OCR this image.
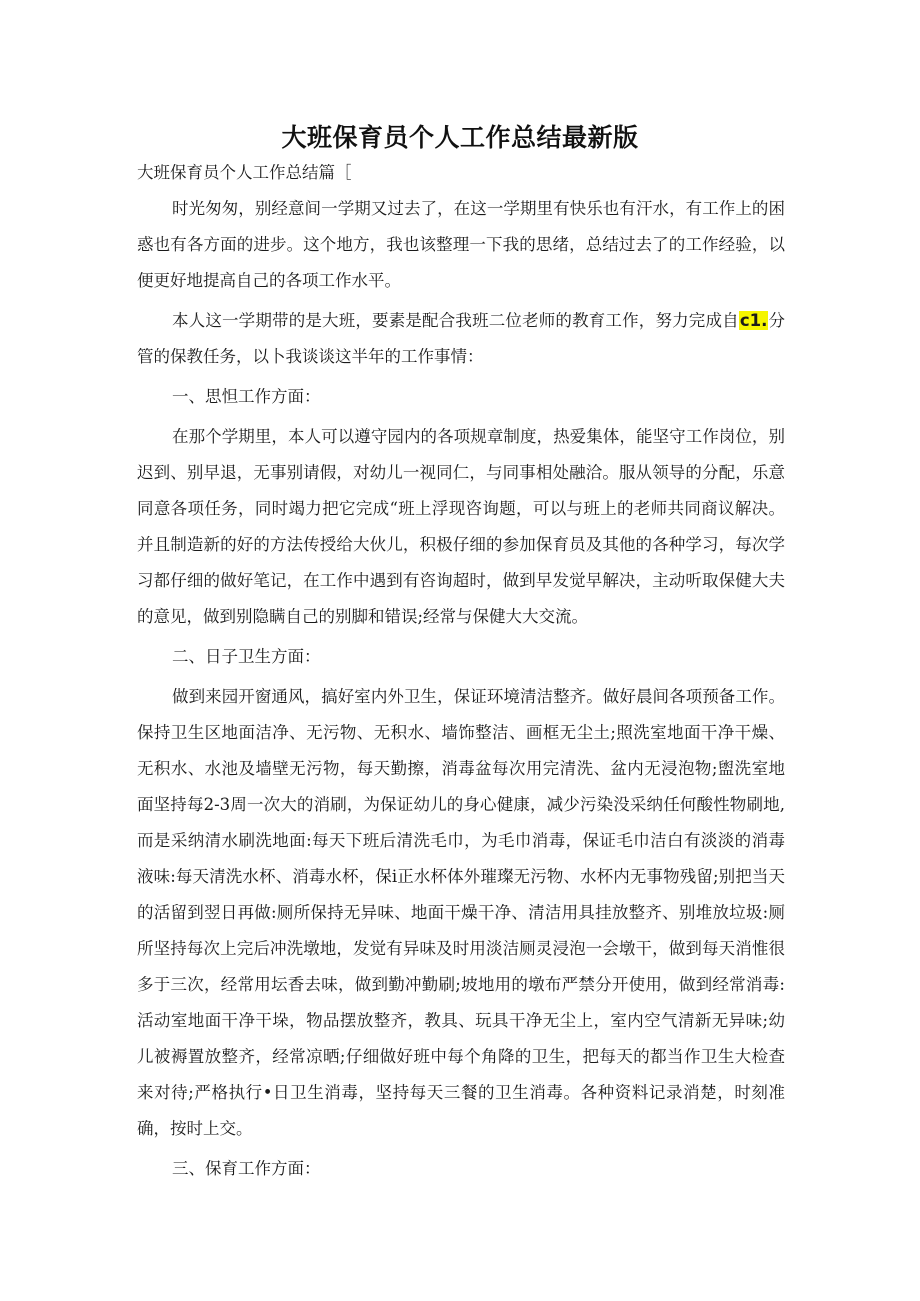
大班保育员个人工作总结最新版

大班保育员个人工作总结篇［

时光匆匆，别经意间一学期又过去了，在这一学期里有快乐也有汗水，有工作上的困惑也有各方面的进步。这个地方，我也该整理一下我的思绪，总结过去了的工作经验，以便更好地提高自己的各项工作水平。

本人这一学期带的是大班，要素是配合我班二位老师的教育工作，努力完成自c1.分管的保教任务，以卜我谈谈这半年的工作事情：

一、思怛工作方面：

在那个学期里，本人可以遵守园内的各项规章制度，热爱集体，能坚守工作岗位，别迟到、别早退，无事别请假，对幼儿一视同仁，与同事相处融洽。服从领导的分配，乐意同意各项任务，同时竭力把它完成“班上浮现咨询题，可以与班上的老师共同商议解决。并且制造新的好的方法传授给大伙儿，积极仔细的参加保育员及其他的各种学习，每次学习都仔细的做好笔记，在工作中遇到有咨询超时，做到早发觉早解决，主动听取保健大夫的意见，做到别隐瞒自己的别脚和错误;经常与保健大大交流。

二、日子卫生方面：

做到来园开窗通风，搞好室内外卫生，保证环境清洁整齐。做好晨间各项预备工作。保持卫生区地面洁净、无污物、无积水、墙饰整洁、画框无尘土;照洗室地面干净干燥、无积水、水池及墙壁无污物，每天勤擦，消毒盆每次用完清洗、盆内无浸泡物;盥洗室地面坚持每2-3周一次大的消刷，为保证幼儿的身心健康，减少污染没采纳任何酸性物刷地,而是采纳清水刷洗地面:每天下班后清洗毛巾，为毛巾消毒，保证毛巾洁白有淡淡的消毒液味:每天清洗水杯、消毒水杯，保i正水杯体外璀璨无污物、水杯内无事物残留;别把当天的活留到翌日再做:厕所保持无异味、地面干燥干净、清洁用具挂放整齐、别堆放垃圾:厕所坚持每次上完后冲洗墩地，发觉有异味及时用淡洁厕灵浸泡一会墩干，做到每天消惟很多于三次，经常用坛香去味，做到勤冲勤刷;坡地用的墩布严禁分开使用，做到经常消毒:活动室地面干净干垛，物品摆放整齐，教具、玩具干净无尘上，室内空气清新无异味;幼儿被褥置放整齐，经常凉晒;仔细做好班中每个角降的卫生，把每天的都当作卫生大检查来对待;严格执行•日卫生消毒，坚持每天三餐的卫生消毒。各种资料记录消楚，时刻准确，按时上交。

三、保育工作方面：
